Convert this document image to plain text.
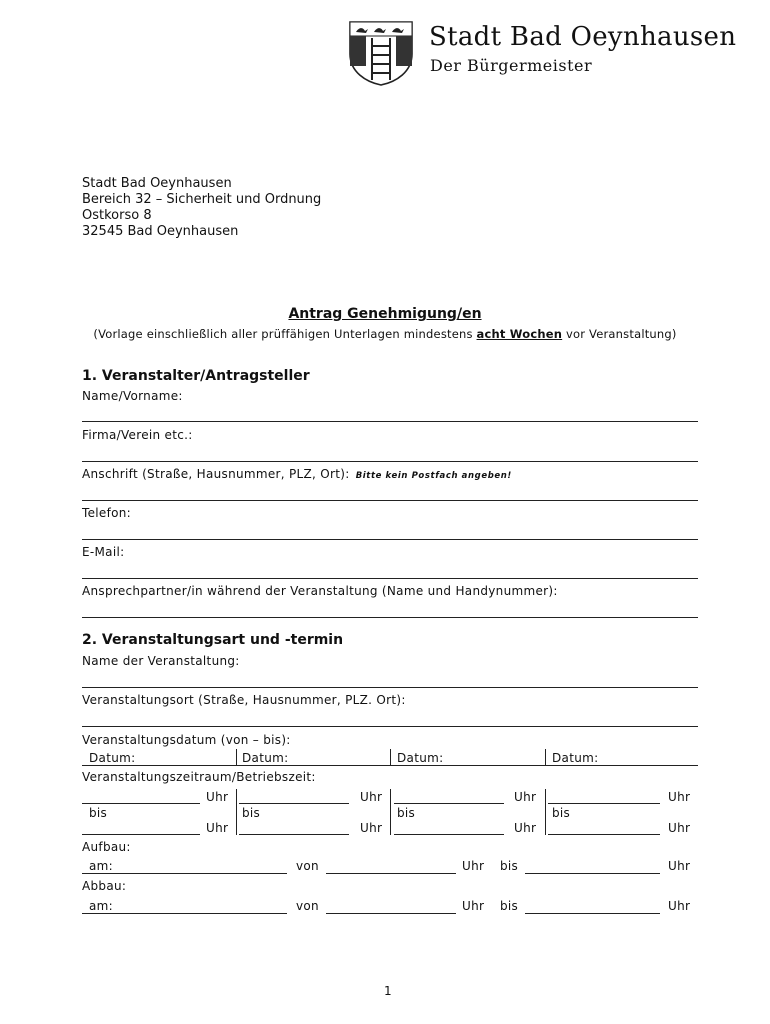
Stadt Bad Oeynhausen
Der Bürgermeister
Stadt Bad Oeynhausen
Bereich 32 – Sicherheit und Ordnung
Ostkorso 8
32545 Bad Oeynhausen
Antrag Genehmigung/en
(Vorlage einschließlich aller prüffähigen Unterlagen mindestens acht Wochen vor Veranstaltung)
1. Veranstalter/Antragsteller
Name/Vorname:
Firma/Verein etc.:
Anschrift (Straße, Hausnummer, PLZ, Ort): Bitte kein Postfach angeben!
Telefon:
E-Mail:
Ansprechpartner/in während der Veranstaltung (Name und Handynummer):
2. Veranstaltungsart und -termin
Name der Veranstaltung:
Veranstaltungsort (Straße, Hausnummer, PLZ. Ort):
Veranstaltungsdatum (von – bis):
Datum:	Datum:	Datum:	Datum:
Veranstaltungszeitraum/Betriebszeit:
Uhr	Uhr	Uhr	Uhr
bis	bis	bis	bis
Uhr	Uhr	Uhr	Uhr
Aufbau:
am:	von	Uhr bis	Uhr
Abbau:
am:	von	Uhr bis	Uhr
1
